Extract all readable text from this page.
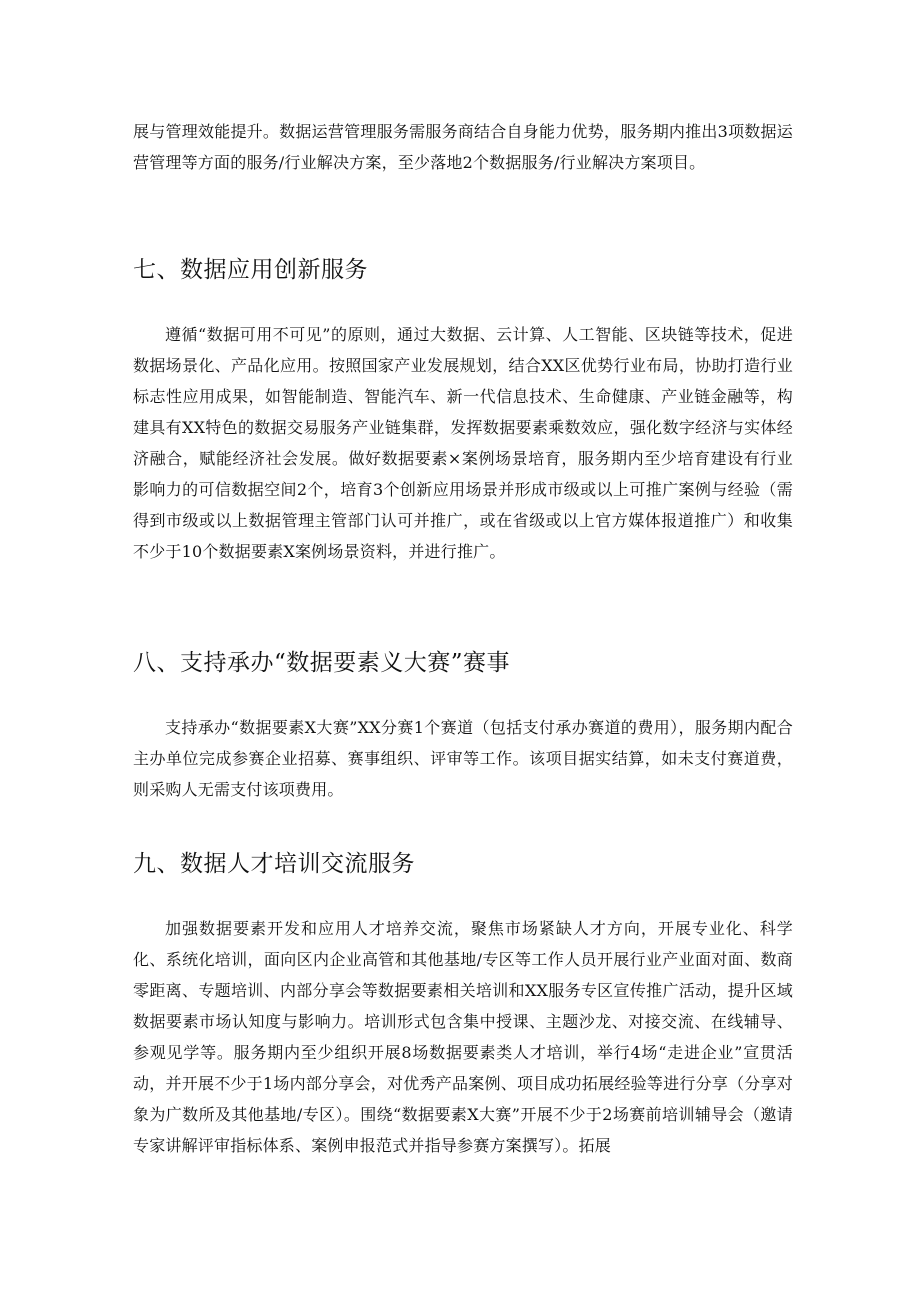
展与管理效能提升。数据运营管理服务需服务商结合自身能力优势，服务期内推出3项数据运营管理等方面的服务/行业解决方案，至少落地2个数据服务/行业解决方案项目。

七、数据应用创新服务

遵循“数据可用不可见”的原则，通过大数据、云计算、人工智能、区块链等技术，促进数据场景化、产品化应用。按照国家产业发展规划，结合XX区优势行业布局，协助打造行业标志性应用成果，如智能制造、智能汽车、新一代信息技术、生命健康、产业链金融等，构建具有XX特色的数据交易服务产业链集群，发挥数据要素乘数效应，强化数字经济与实体经济融合，赋能经济社会发展。做好数据要素×案例场景培育，服务期内至少培育建设有行业影响力的可信数据空间2个，培育3个创新应用场景并形成市级或以上可推广案例与经验（需得到市级或以上数据管理主管部门认可并推广，或在省级或以上官方媒体报道推广）和收集不少于10个数据要素X案例场景资料，并进行推广。

八、支持承办“数据要素义大赛”赛事

支持承办“数据要素X大赛”XX分赛1个赛道（包括支付承办赛道的费用），服务期内配合主办单位完成参赛企业招募、赛事组织、评审等工作。该项目据实结算，如未支付赛道费，则采购人无需支付该项费用。

九、数据人才培训交流服务

加强数据要素开发和应用人才培养交流，聚焦市场紧缺人才方向，开展专业化、科学化、系统化培训，面向区内企业高管和其他基地/专区等工作人员开展行业产业面对面、数商零距离、专题培训、内部分享会等数据要素相关培训和XX服务专区宣传推广活动，提升区域数据要素市场认知度与影响力。培训形式包含集中授课、主题沙龙、对接交流、在线辅导、参观见学等。服务期内至少组织开展8场数据要素类人才培训，举行4场“走进企业”宣贯活动，并开展不少于1场内部分享会，对优秀产品案例、项目成功拓展经验等进行分享（分享对象为广数所及其他基地/专区）。围绕“数据要素X大赛”开展不少于2场赛前培训辅导会（邀请专家讲解评审指标体系、案例申报范式并指导参赛方案撰写）。拓展
